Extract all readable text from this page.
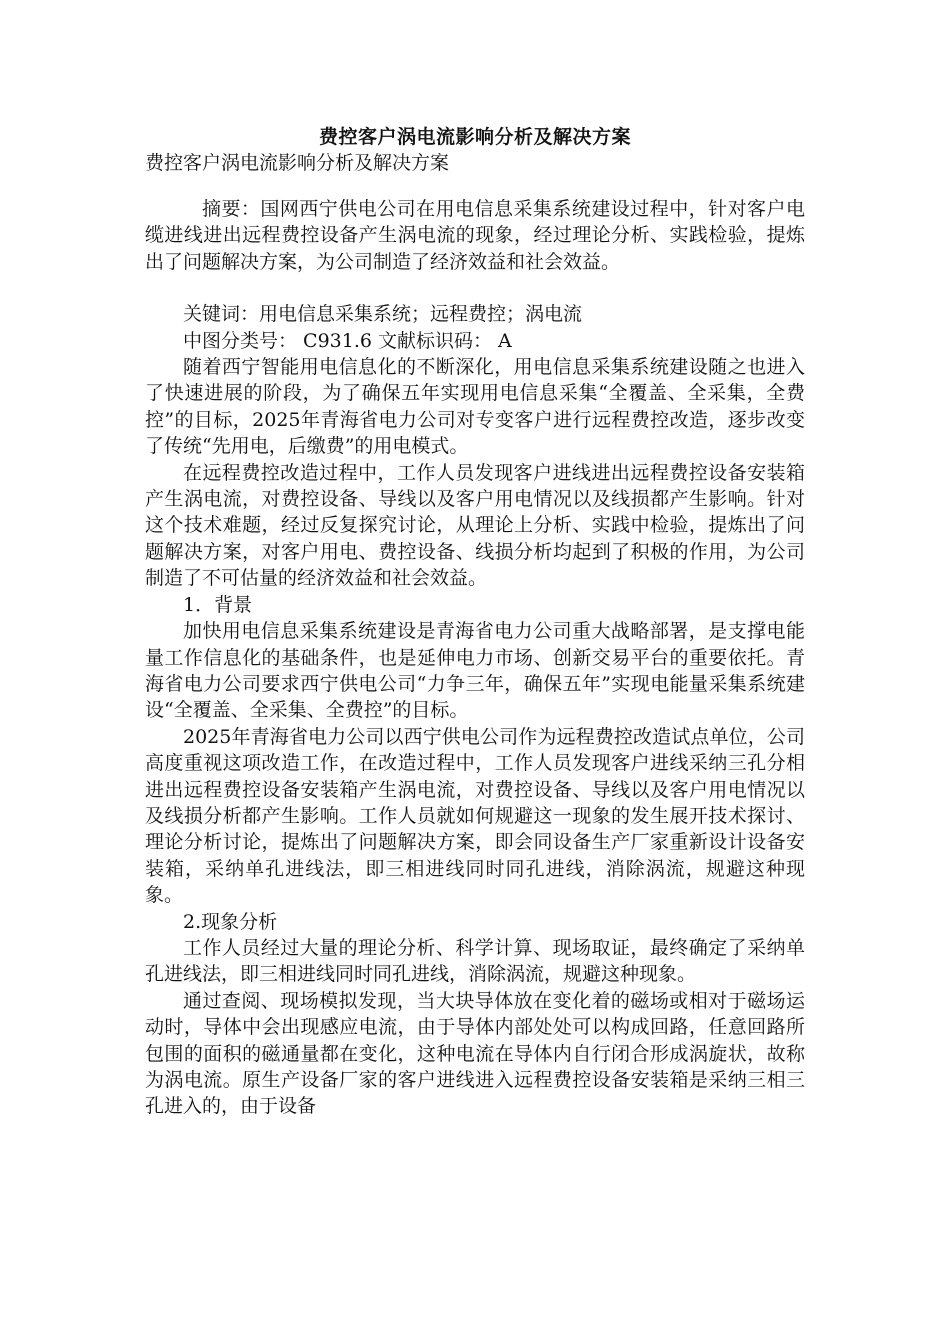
费控客户涡电流影响分析及解决方案
费控客户涡电流影响分析及解决方案

摘要：国网西宁供电公司在用电信息采集系统建设过程中，针对客户电缆进线进出远程费控设备产生涡电流的现象，经过理论分析、实践检验，提炼出了问题解决方案，为公司制造了经济效益和社会效益。

关键词：用电信息采集系统；远程费控；涡电流

中图分类号： C931.6 文献标识码： A

随着西宁智能用电信息化的不断深化，用电信息采集系统建设随之也进入了快速进展的阶段，为了确保五年实现用电信息采集“全覆盖、全采集，全费控”的目标，2025年青海省电力公司对专变客户进行远程费控改造，逐步改变了传统“先用电，后缴费”的用电模式。

在远程费控改造过程中，工作人员发现客户进线进出远程费控设备安装箱产生涡电流，对费控设备、导线以及客户用电情况以及线损都产生影响。针对这个技术难题，经过反复探究讨论，从理论上分析、实践中检验，提炼出了问题解决方案，对客户用电、费控设备、线损分析均起到了积极的作用，为公司制造了不可估量的经济效益和社会效益。

1．背景

加快用电信息采集系统建设是青海省电力公司重大战略部署，是支撑电能量工作信息化的基础条件，也是延伸电力市场、创新交易平台的重要依托。青海省电力公司要求西宁供电公司“力争三年，确保五年”实现电能量采集系统建设“全覆盖、全采集、全费控”的目标。

2025年青海省电力公司以西宁供电公司作为远程费控改造试点单位，公司高度重视这项改造工作，在改造过程中，工作人员发现客户进线采纳三孔分相进出远程费控设备安装箱产生涡电流，对费控设备、导线以及客户用电情况以及线损分析都产生影响。工作人员就如何规避这一现象的发生展开技术探讨、理论分析讨论，提炼出了问题解决方案，即会同设备生产厂家重新设计设备安装箱，采纳单孔进线法，即三相进线同时同孔进线，消除涡流，规避这种现象。

2.现象分析

工作人员经过大量的理论分析、科学计算、现场取证，最终确定了采纳单孔进线法，即三相进线同时同孔进线，消除涡流，规避这种现象。

通过查阅、现场模拟发现，当大块导体放在变化着的磁场或相对于磁场运动时，导体中会出现感应电流，由于导体内部处处可以构成回路，任意回路所包围的面积的磁通量都在变化，这种电流在导体内自行闭合形成涡旋状，故称为涡电流。原生产设备厂家的客户进线进入远程费控设备安装箱是采纳三相三孔进入的，由于设备
